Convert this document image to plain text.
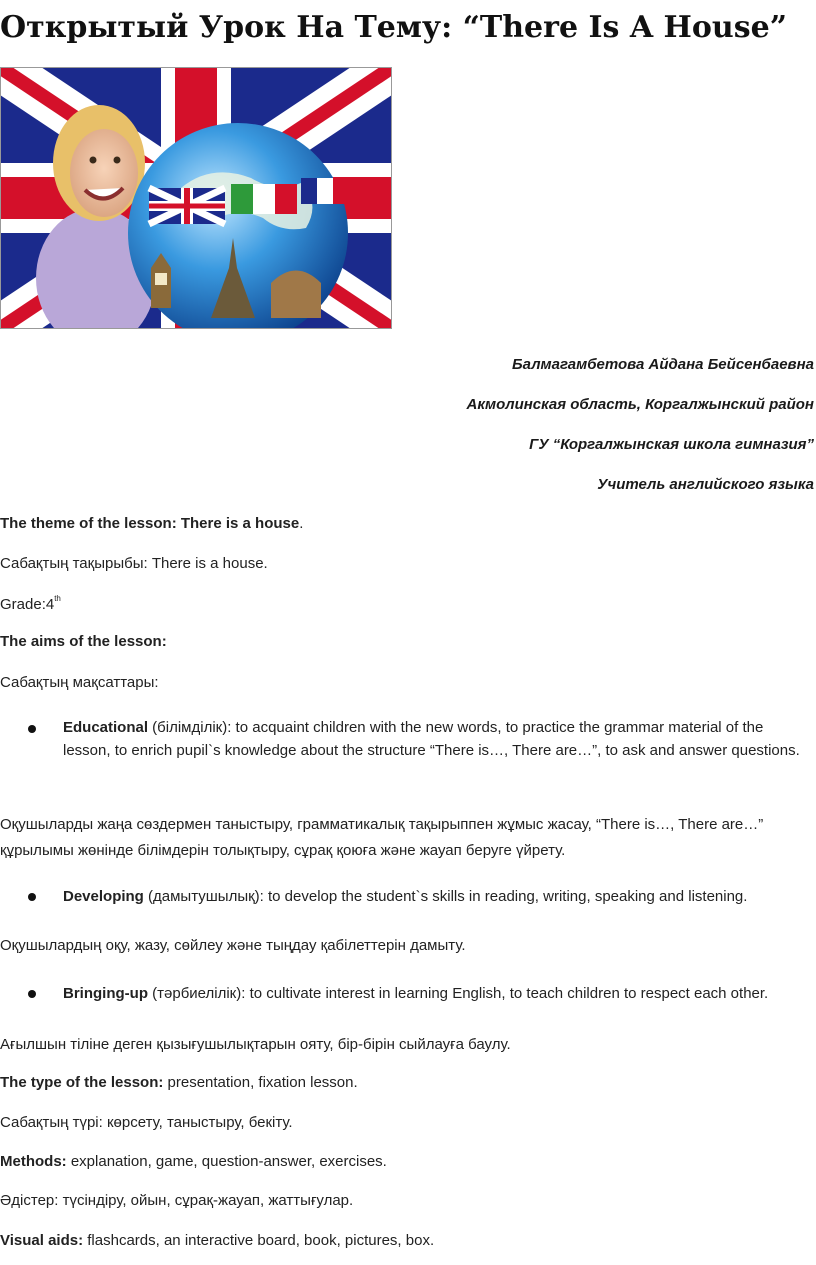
Открытый Урок На Тему: “There Is A House”
Балмагамбетова Айдана Бейсенбаевна
Акмолинская область, Коргалжынский район
ГУ “Коргалжынская школа гимназия”
Учитель английского языка

The theme of the lesson: There is a house.

Сабақтың тақырыбы: There is a house.

Grade:4th

The aims of the lesson:

Сабақтың мақсаттары:

Educational (білімділік): to acquaint children with the new words, to practice the grammar material of the lesson, to enrich pupil`s knowledge about the structure “There is…, There are…”, to ask and answer questions.

Оқушыларды жаңа сөздермен таныстыру, грамматикалық тақырыппен жұмыс жасау, “There is…, There are…” құрылымы жөнінде білімдерін толықтыру, сұрақ қоюға және жауап беруге үйрету.

Developing (дамытушылық): to develop the student`s skills in reading, writing, speaking and listening.

Оқушылардың оқу, жазу, сөйлеу және тыңдау қабілеттерін дамыту.

Bringing-up (тәрбиелілік): to cultivate interest in learning English, to teach children to respect each other.

Ағылшын тіліне деген қызығушылықтарын ояту, бір-бірін сыйлауға баулу.

The type of the lesson: presentation, fixation lesson.

Сабақтың түрі: көрсету, таныстыру, бекіту.

Methods: explanation, game, question-answer, exercises.

Әдістер: түсіндіру, ойын, сұрақ-жауап, жаттығулар.

Visual aids: flashcards, an interactive board, book, pictures, box.
